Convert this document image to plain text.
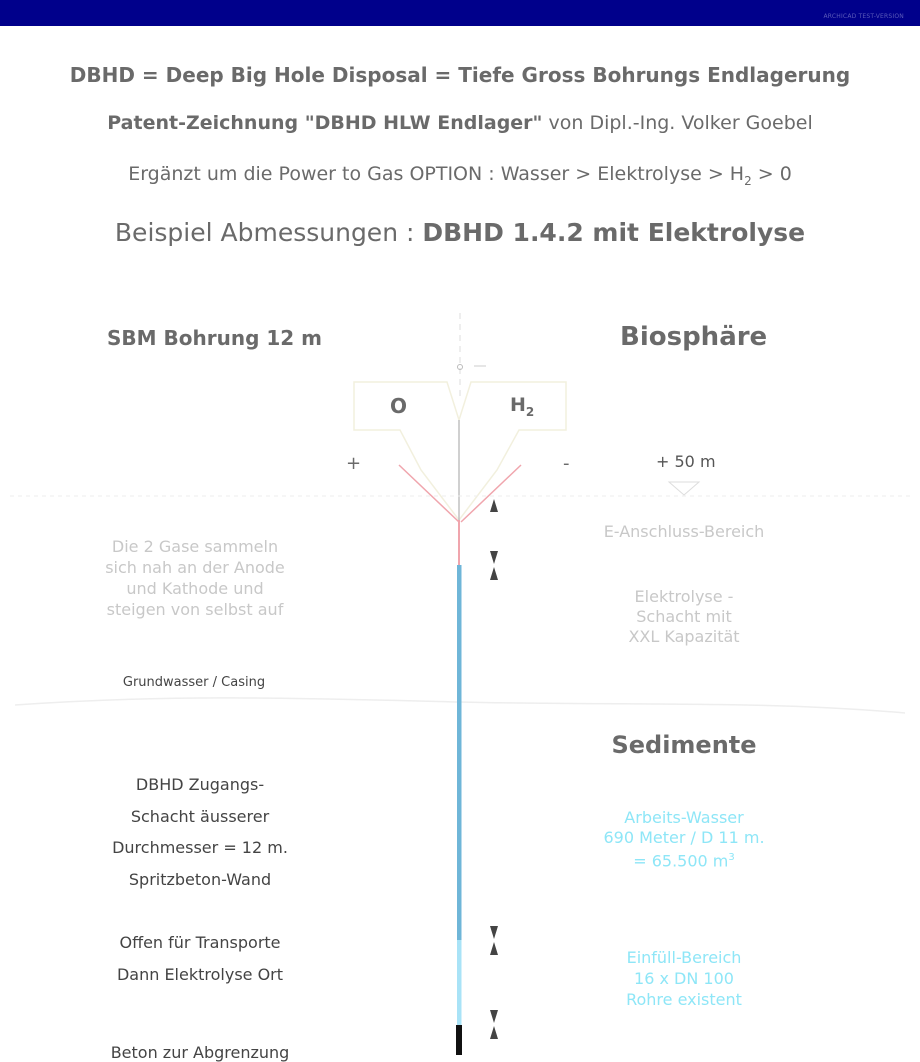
ARCHICAD TEST-VERSION
DBHD = Deep Big Hole Disposal = Tiefe Gross Bohrungs Endlagerung
Patent-Zeichnung "DBHD HLW Endlager" von Dipl.-Ing. Volker Goebel
Ergänzt um die Power to Gas OPTION : Wasser > Elektrolyse > $H_2 > 0$
Beispiel Abmessungen : DBHD 1.4.2 mit Elektrolyse
SBM Bohrung 12 m	Biosphäre
O	$H_2$
+	-	+ 50 m
E-Anschluss-Bereich
Die 2 Gase sammeln
sich nah an der Anode
und Kathode und
steigen von selbst auf
Elektrolyse -
Schacht mit
XXL Kapazität
Grundwasser / Casing
Sedimente
DBHD Zugangs-
Schacht äusserer
Durchmesser = 12 m.
Spritzbeton-Wand
Arbeits-Wasser
690 Meter / D 11 m.
= 65.500 $m^3$
Offen für Transporte
Dann Elektrolyse Ort
Einfüll-Bereich
16 x DN 100
Rohre existent
Beton zur Abgrenzung
